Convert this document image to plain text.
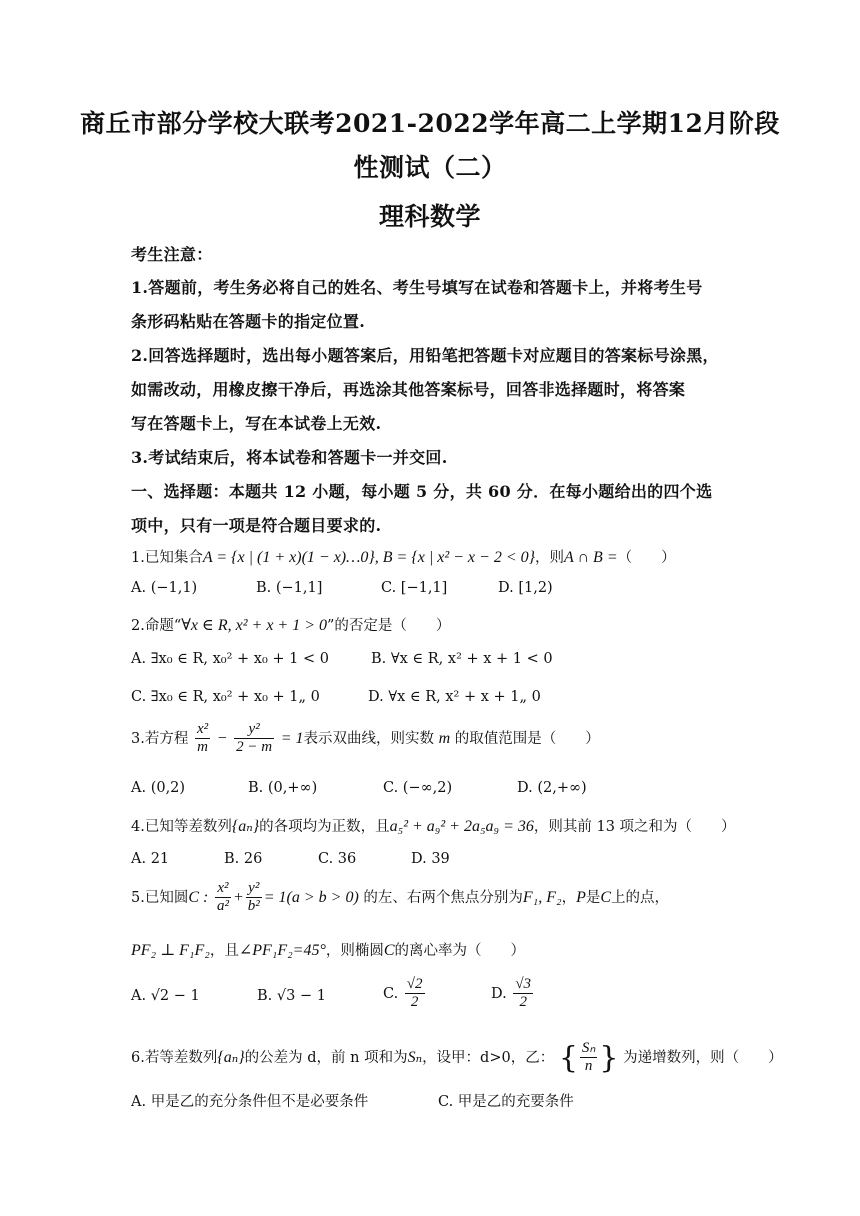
商丘市部分学校大联考2021-2022学年高二上学期12月阶段
性测试（二）
理科数学
考生注意：
1.答题前，考生务必将自己的姓名、考生号填写在试卷和答题卡上，并将考生号
条形码粘贴在答题卡的指定位置.
2.回答选择题时，选出每小题答案后，用铅笔把答题卡对应题目的答案标号涂黑，
如需改动，用橡皮擦干净后，再选涂其他答案标号，回答非选择题时，将答案
写在答题卡上，写在本试卷上无效.
3.考试结束后，将本试卷和答题卡一并交回.
一、选择题：本题共 12 小题，每小题 5 分，共 60 分．在每小题给出的四个选
项中，只有一项是符合题目要求的.
1.已知集合A = {x | (1 + x)(1 − x)…0}, B = {x | x² − x − 2 < 0}，则A ∩ B =（　　）
A. (−1,1)	B. (−1,1]	C. [−1,1]	D. [1,2)
2.命题“∀x ∈ R, x² + x + 1 > 0”的否定是（　　）
A. ∃x₀ ∈ R, x₀² + x₀ + 1 < 0	B. ∀x ∈ R, x² + x + 1 < 0
C. ∃x₀ ∈ R, x₀² + x₀ + 1„ 0	D. ∀x ∈ R, x² + x + 1„ 0
3.若方程 $\frac{\text{x²}}{m} - \frac{\text{y²}}{2 - m} = 1$表示双曲线，则实数 m 的取值范围是（　　）
A. (0,2)	B. (0,+∞)	C. (−∞,2)	D. (2,+∞)
4.已知等差数列{aₙ}的各项均为正数，且a₅² + a₉² + 2a₅a₉ = 36，则其前 13 项之和为（　　）
A. 21	B. 26	C. 36	D. 39
5.已知圆C : $\frac{\text{x²}}{\text{a²}} + \frac{\text{y²}}{\text{b²}} = 1(a > b > 0)$ 的左、右两个焦点分别为F₁, F₂，P是C上的点，
PF₂ ⊥ F₁F₂，且∠PF₁F₂=45°，则椭圆C的离心率为（　　）
A. √2 − 1	B. √3 − 1	C. $\frac{√2}{2}$	D. $\frac{√3}{2}$
6.若等差数列{aₙ}的公差为 d，前 n 项和为Sₙ，设甲：d>0，乙： { $\frac{\text{Sₙ}}{n}$ } 为递增数列，则（　　）
A. 甲是乙的充分条件但不是必要条件	C. 甲是乙的充要条件
